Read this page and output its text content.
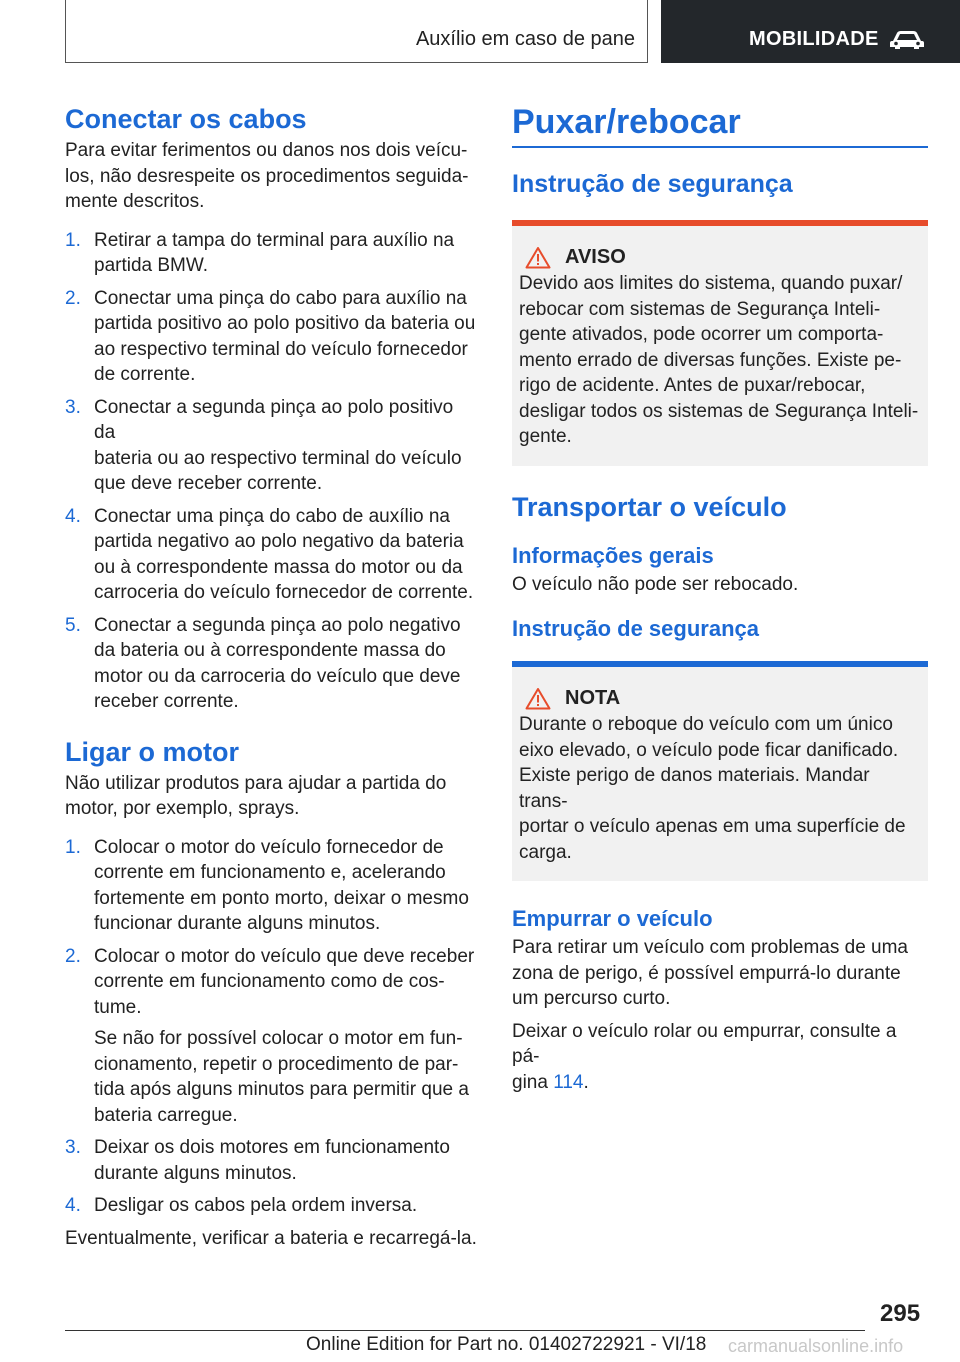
Auxílio em caso de pane	MOBILIDADE
Conectar os cabos

Para evitar ferimentos ou danos nos dois veícu‐
los, não desrespeite os procedimentos seguida‐
mente descritos.

1. Retirar a tampa do terminal para auxílio na
partida BMW.
2. Conectar uma pinça do cabo para auxílio na
partida positivo ao polo positivo da bateria ou
ao respectivo terminal do veículo fornecedor
de corrente.
3. Conectar a segunda pinça ao polo positivo da
bateria ou ao respectivo terminal do veículo
que deve receber corrente.
4. Conectar uma pinça do cabo de auxílio na
partida negativo ao polo negativo da bateria
ou à correspondente massa do motor ou da
carroceria do veículo fornecedor de corrente.
5. Conectar a segunda pinça ao polo negativo
da bateria ou à correspondente massa do
motor ou da carroceria do veículo que deve
receber corrente.
Ligar o motor

Não utilizar produtos para ajudar a partida do
motor, por exemplo, sprays.

1. Colocar o motor do veículo fornecedor de
corrente em funcionamento e, acelerando
fortemente em ponto morto, deixar o mesmo
funcionar durante alguns minutos.
2. Colocar o motor do veículo que deve receber
corrente em funcionamento como de cos‐
tume.
Se não for possível colocar o motor em fun‐
cionamento, repetir o procedimento de par‐
tida após alguns minutos para permitir que a
bateria carregue.
3. Deixar os dois motores em funcionamento
durante alguns minutos.
4. Desligar os cabos pela ordem inversa.

Eventualmente, verificar a bateria e recarregá-la.

Puxar/rebocar
Instrução de segurança
AVISO

Devido aos limites do sistema, quando puxar/
rebocar com sistemas de Segurança Inteli‐
gente ativados, pode ocorrer um comporta‐
mento errado de diversas funções. Existe pe‐
rigo de acidente. Antes de puxar/rebocar,
desligar todos os sistemas de Segurança Inteli‐
gente.

Transportar o veículo
Informações gerais

O veículo não pode ser rebocado.

Instrução de segurança
NOTA

Durante o reboque do veículo com um único
eixo elevado, o veículo pode ficar danificado.
Existe perigo de danos materiais. Mandar trans‐
portar o veículo apenas em uma superfície de
carga.

Empurrar o veículo

Para retirar um veículo com problemas de uma
zona de perigo, é possível empurrá-lo durante
um percurso curto.

Deixar o veículo rolar ou empurrar, consulte a pá‐
gina 114.

295
Online Edition for Part no. 01402722921 - VI/18 carmanualsonline.info
